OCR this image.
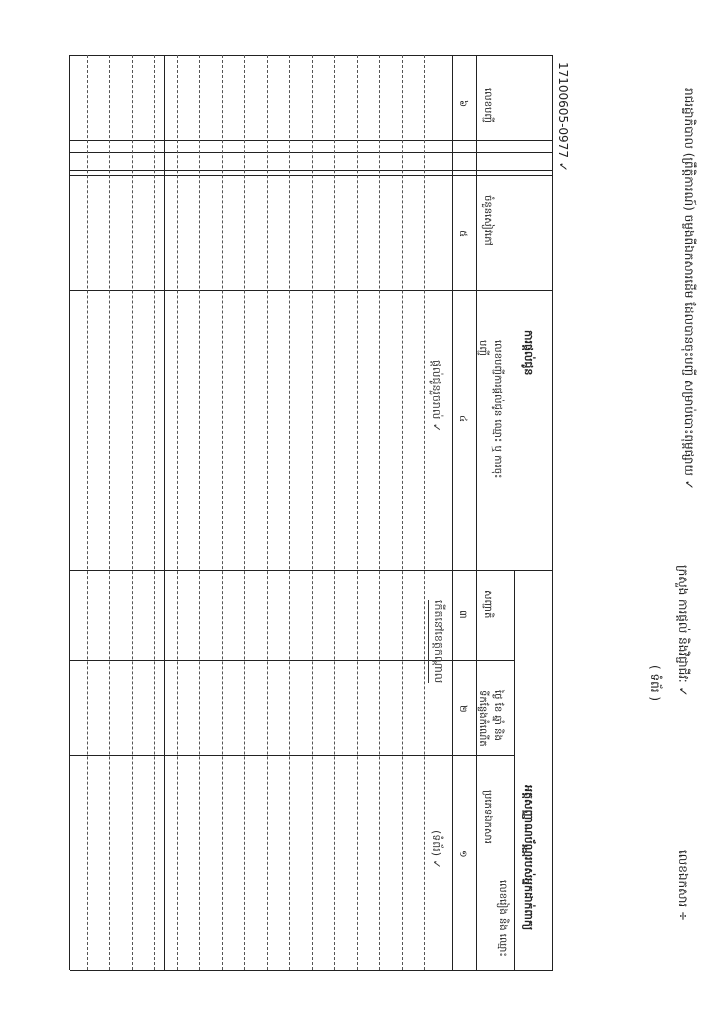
រាជរដ្ឋាភិបាល (ព្រឹត្តិការណ៍) ចម្លងពីឯកសារដើម ដែលបានចុះបញ្ជី សម្រាប់បោះពុម្ពផ្សាយ ✓
ក្រសួង ការផ្ដល់ និងវិជ្ជាជីវៈ ✓
( ទំព័រ )
លេខឯកសារ ÷
អត្តសញ្ញាណប័ណ្ណរបស់អ្នកដាក់ពាក្យ
ការផ្ដល់ជូន
លេខរៀង និង ឈ្មោះ
ប្រភេទឯកសារ
ថ្ងៃ ខែ ឆ្នាំ និង ទីកន្លែងកំណើត
សញ្ជាតិ
លេខបញ្ជីការផ្ដល់ជូន ឈ្មោះ ឬ ការចុះបញ្ជី
ចំនួនសៀវភៅ
លេខបញ្ជី
១
២
៣
៤
៥
៦
(ទំព័រ) ✓
កើតនៅខេត្តកណ្ដាល
ផ្ដល់ជូនរួចរាល់ ✓
17100605-0977 ✓
